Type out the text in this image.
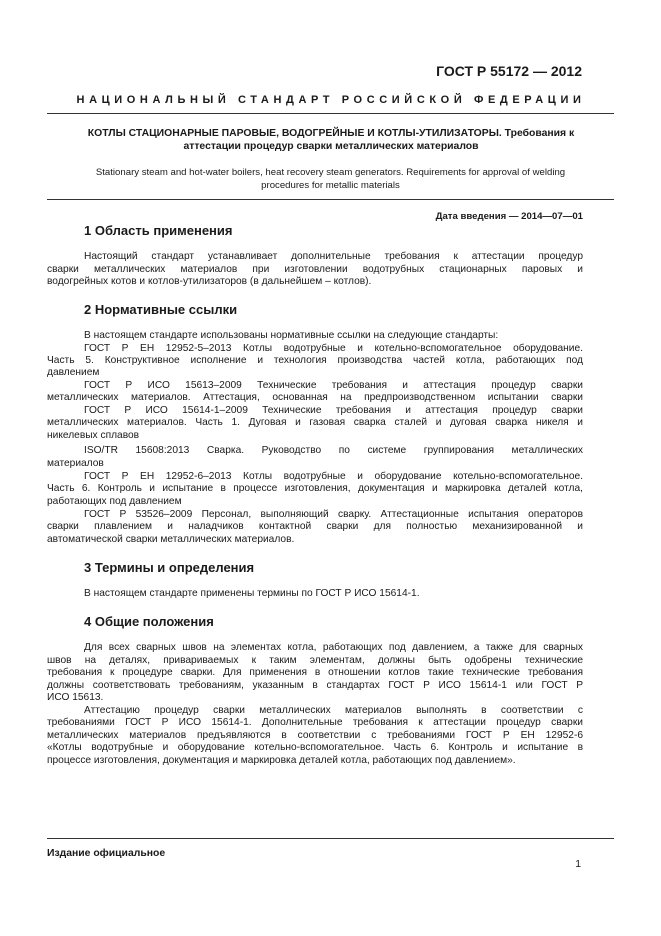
ГОСТ Р 55172 — 2012
НАЦИОНАЛЬНЫЙ СТАНДАРТ РОССИЙСКОЙ ФЕДЕРАЦИИ
КОТЛЫ СТАЦИОНАРНЫЕ ПАРОВЫЕ, ВОДОГРЕЙНЫЕ И КОТЛЫ-УТИЛИЗАТОРЫ. Требования к
аттестации процедур сварки металлических материалов
Stationary steam and hot-water boilers, heat recovery steam generators. Requirements for approval of welding
procedures for metallic materials
Дата введения — 2014—07—01
1 Область применения
Настоящий стандарт устанавливает дополнительные требования к аттестации процедур
сварки металлических материалов при изготовлении водотрубных стационарных паровых и
водогрейных котов и котлов-утилизаторов (в дальнейшем – котлов).
2 Нормативные ссылки
В настоящем стандарте использованы нормативные ссылки на следующие стандарты:
ГОСТ Р ЕН 12952-5–2013 Котлы водотрубные и котельно-вспомогательное оборудование.
Часть 5. Конструктивное исполнение и технология производства частей котла, работающих под
давлением
ГОСТ Р ИСО 15613–2009 Технические требования и аттестация процедур сварки
металлических материалов. Аттестация, основанная на предпроизводственном испытании сварки
ГОСТ Р ИСО 15614-1–2009 Технические требования и аттестация процедур сварки
металлических материалов. Часть 1. Дуговая и газовая сварка сталей и дуговая сварка никеля и
никелевых сплавов
ISO/TR 15608:2013 Сварка. Руководство по системе группирования металлических
материалов
ГОСТ Р ЕН 12952-6–2013 Котлы водотрубные и оборудование котельно-вспомогательное.
Часть 6. Контроль и испытание в процессе изготовления, документация и маркировка деталей котла,
работающих под давлением
ГОСТ Р 53526–2009 Персонал, выполняющий сварку. Аттестационные испытания операторов
сварки плавлением и наладчиков контактной сварки для полностью механизированной и
автоматической сварки металлических материалов.
3 Термины и определения
В настоящем стандарте применены термины по ГОСТ Р ИСО 15614-1.
4 Общие положения
Для всех сварных швов на элементах котла, работающих под давлением, а также для сварных
швов на деталях, привариваемых к таким элементам, должны быть одобрены технические
требования к процедуре сварки. Для применения в отношении котлов такие технические требования
должны соответствовать требованиям, указанным в стандартах ГОСТ Р ИСО 15614-1 или ГОСТ Р
ИСО 15613.
Аттестацию процедур сварки металлических материалов выполнять в соответствии с
требованиями ГОСТ Р ИСО 15614-1. Дополнительные требования к аттестации процедур сварки
металлических материалов предъявляются в соответствии с требованиями ГОСТ Р ЕН 12952-6
«Котлы водотрубные и оборудование котельно-вспомогательное. Часть 6. Контроль и испытание в
процессе изготовления, документация и маркировка деталей котла, работающих под давлением».
Издание официальное
1
